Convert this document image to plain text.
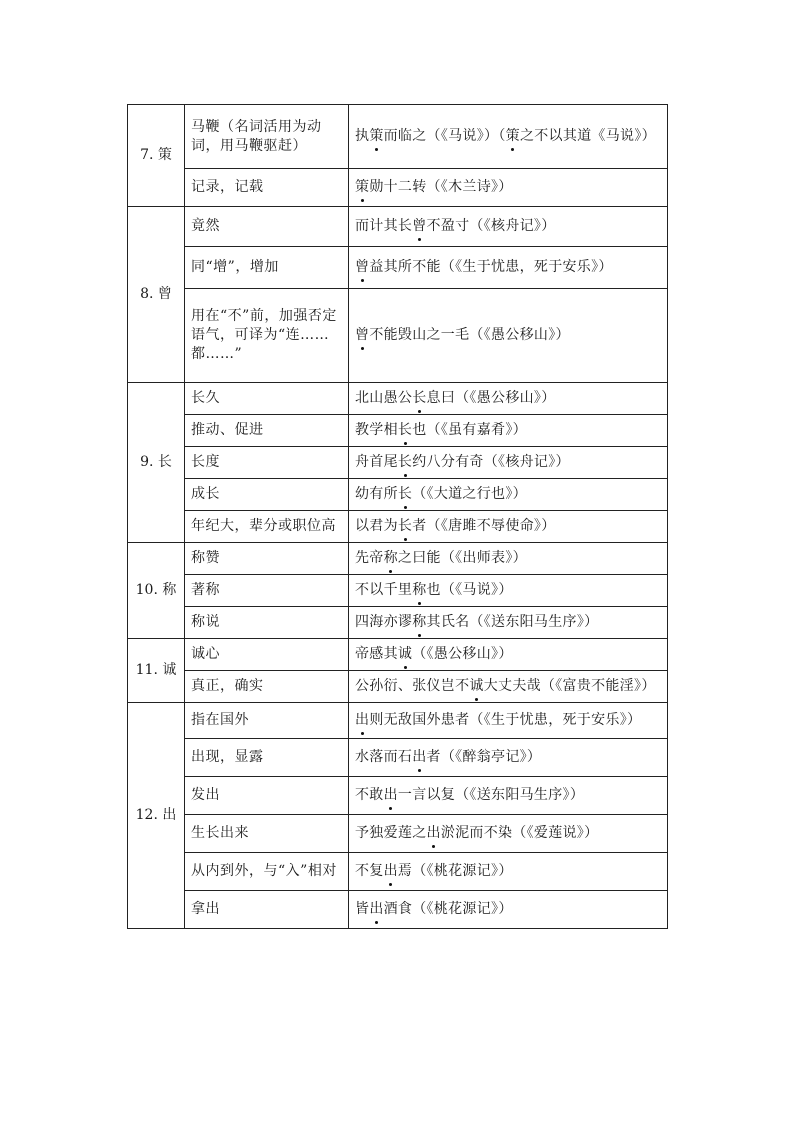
7. 策	马鞭（名词活用为动词，用马鞭驱赶）	执策而临之（《马说》）（策之不以其道《马说》）
	记录，记载	策勋十二转（《木兰诗》）
8. 曾	竟然	而计其长曾不盈寸（《核舟记》）
	同“增”，增加	曾益其所不能（《生于忧患，死于安乐》）
	用在“不”前，加强否定语气，可译为“连……都……”	曾不能毁山之一毛（《愚公移山》）
9. 长	长久	北山愚公长息曰（《愚公移山》）
	推动、促进	教学相长也（《虽有嘉肴》）
	长度	舟首尾长约八分有奇（《核舟记》）
	成长	幼有所长（《大道之行也》）
	年纪大，辈分或职位高	以君为长者（《唐雎不辱使命》）
10. 称	称赞	先帝称之曰能（《出师表》）
	著称	不以千里称也（《马说》）
	称说	四海亦谬称其氏名（《送东阳马生序》）
11. 诚	诚心	帝感其诚（《愚公移山》）
	真正，确实	公孙衍、张仪岂不诚大丈夫哉（《富贵不能淫》）
12. 出	指在国外	出则无敌国外患者（《生于忧患，死于安乐》）
	出现，显露	水落而石出者（《醉翁亭记》）
	发出	不敢出一言以复（《送东阳马生序》）
	生长出来	予独爱莲之出淤泥而不染（《爱莲说》）
	从内到外，与“入”相对	不复出焉（《桃花源记》）
	拿出	皆出酒食（《桃花源记》）
